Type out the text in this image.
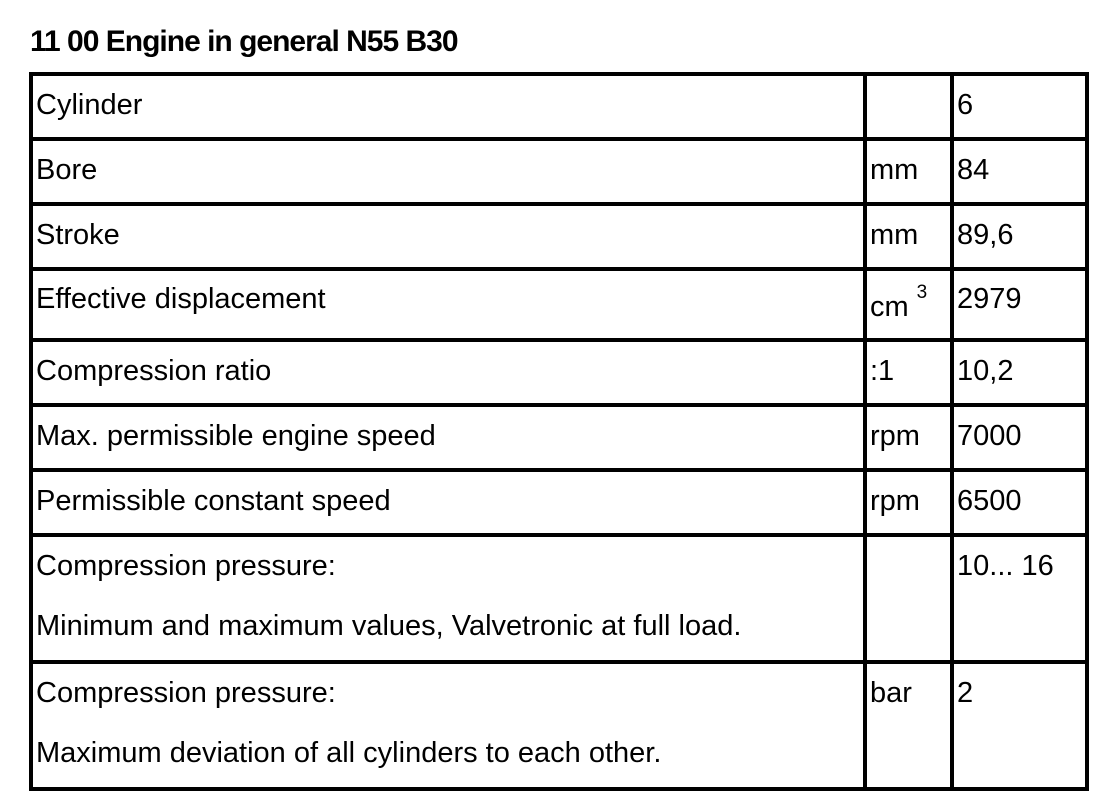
11 00 Engine in general N55 B30
Cylinder		6
Bore	mm	84
Stroke	mm	89,6
Effective displacement	cm 3	2979
Compression ratio	:1	10,2
Max. permissible engine speed	rpm	7000
Permissible constant speed	rpm	6500
Compression pressure:
Minimum and maximum values, Valvetronic at full load.		10... 16
Compression pressure:
Maximum deviation of all cylinders to each other.	bar	2
